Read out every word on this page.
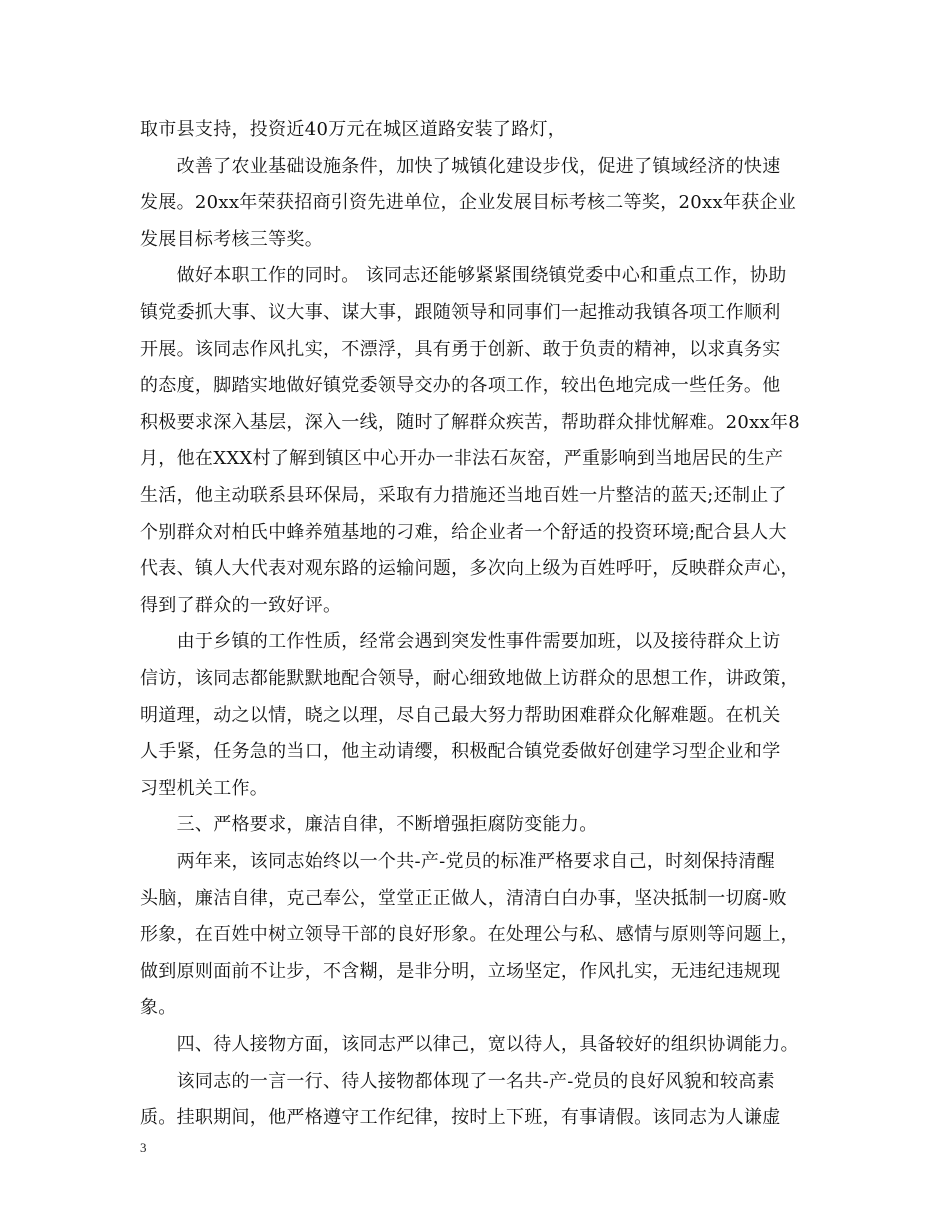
取市县支持，投资近40万元在城区道路安装了路灯，
　　改善了农业基础设施条件，加快了城镇化建设步伐，促进了镇域经济的快速
发展。20xx年荣获招商引资先进单位，企业发展目标考核二等奖，20xx年获企业
发展目标考核三等奖。
　　做好本职工作的同时。 该同志还能够紧紧围绕镇党委中心和重点工作，协助
镇党委抓大事、议大事、谋大事，跟随领导和同事们一起推动我镇各项工作顺利
开展。该同志作风扎实，不漂浮，具有勇于创新、敢于负责的精神，以求真务实
的态度，脚踏实地做好镇党委领导交办的各项工作，较出色地完成一些任务。他
积极要求深入基层，深入一线，随时了解群众疾苦，帮助群众排忧解难。20xx年8
月，他在XXX村了解到镇区中心开办一非法石灰窑，严重影响到当地居民的生产
生活，他主动联系县环保局，采取有力措施还当地百姓一片整洁的蓝天;还制止了
个别群众对柏氏中蜂养殖基地的刁难，给企业者一个舒适的投资环境;配合县人大
代表、镇人大代表对观东路的运输问题，多次向上级为百姓呼吁，反映群众声心，
得到了群众的一致好评。
　　由于乡镇的工作性质，经常会遇到突发性事件需要加班，以及接待群众上访
信访，该同志都能默默地配合领导，耐心细致地做上访群众的思想工作，讲政策，
明道理，动之以情，晓之以理，尽自己最大努力帮助困难群众化解难题。在机关
人手紧，任务急的当口，他主动请缨，积极配合镇党委做好创建学习型企业和学
习型机关工作。
　　三、严格要求，廉洁自律，不断增强拒腐防变能力。
　　两年来，该同志始终以一个共-产-党员的标准严格要求自己，时刻保持清醒
头脑，廉洁自律，克己奉公，堂堂正正做人，清清白白办事，坚决抵制一切腐-败
形象，在百姓中树立领导干部的良好形象。在处理公与私、感情与原则等问题上，
做到原则面前不让步，不含糊，是非分明，立场坚定，作风扎实，无违纪违规现
象。
　　四、待人接物方面，该同志严以律己，宽以待人，具备较好的组织协调能力。
　　该同志的一言一行、待人接物都体现了一名共-产-党员的良好风貌和较高素
质。挂职期间，他严格遵守工作纪律，按时上下班，有事请假。该同志为人谦虚
3
